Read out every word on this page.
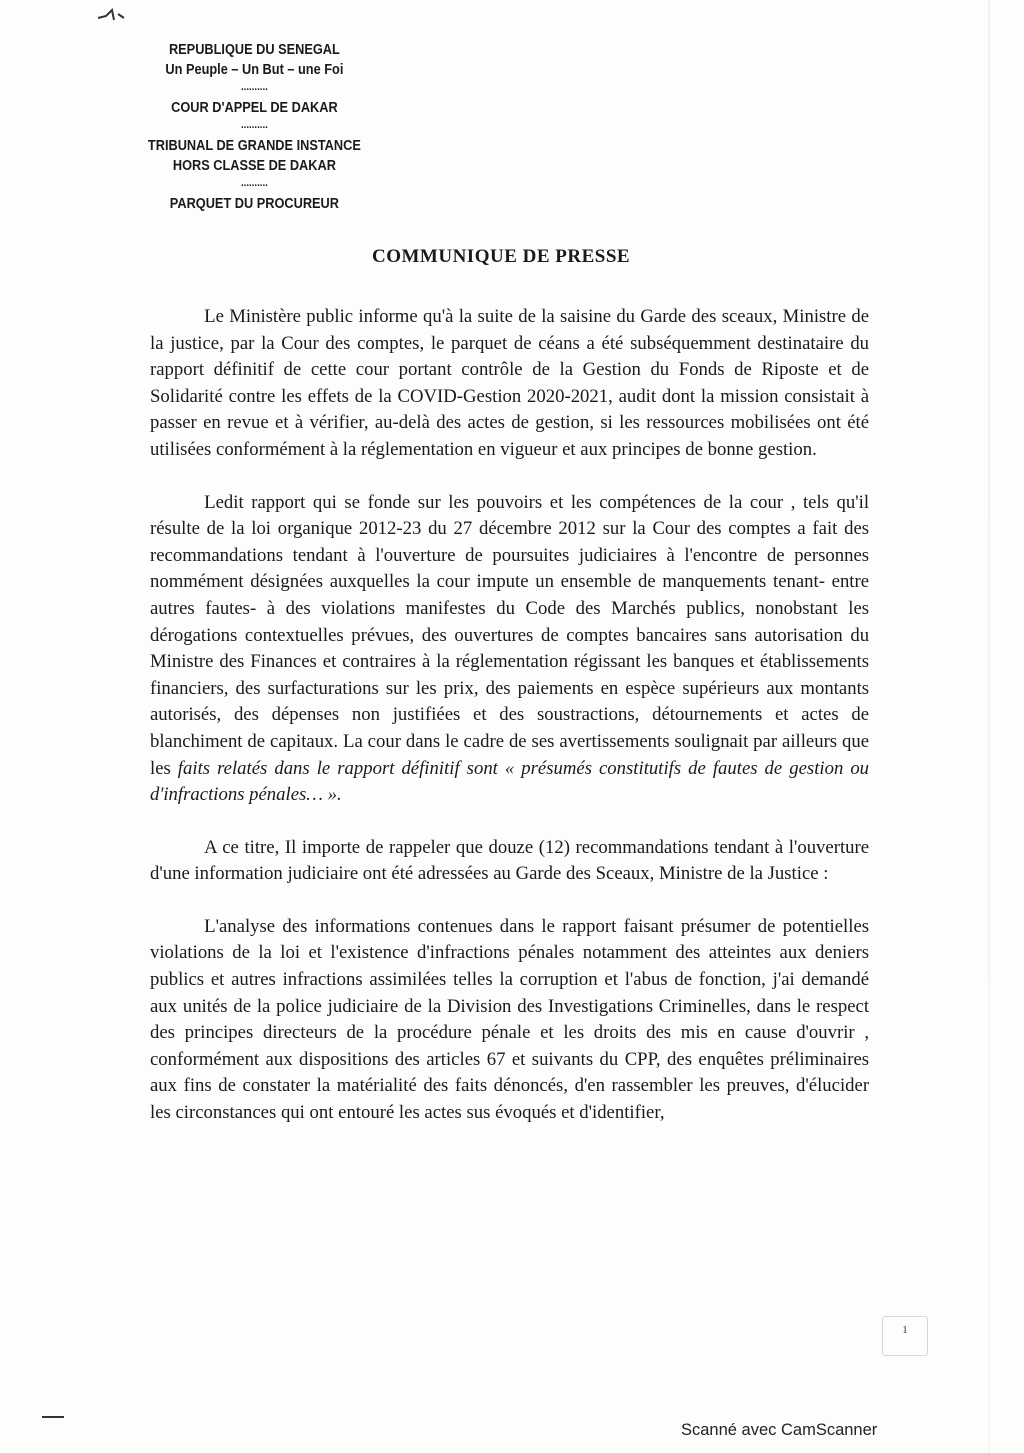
REPUBLIQUE DU SENEGAL
Un Peuple – Un But – une Foi
..........
COUR D'APPEL DE DAKAR
..........
TRIBUNAL DE GRANDE INSTANCE
HORS CLASSE DE DAKAR
..........
PARQUET DU PROCUREUR
COMMUNIQUE DE PRESSE

Le Ministère public informe qu'à la suite de la saisine du Garde des sceaux, Ministre de la justice, par la Cour des comptes, le parquet de céans a été subséquemment destinataire du rapport définitif de cette cour portant contrôle de la Gestion du Fonds de Riposte et de Solidarité contre les effets de la COVID-Gestion 2020-2021, audit dont la mission consistait à passer en revue et à vérifier, au-delà des actes de gestion, si les ressources mobilisées ont été utilisées conformément à la réglementation en vigueur et aux principes de bonne gestion.

Ledit rapport qui se fonde sur les pouvoirs et les compétences de la cour , tels qu'il résulte de la loi organique 2012-23 du 27 décembre 2012 sur la Cour des comptes a fait des recommandations tendant à l'ouverture de poursuites judiciaires à l'encontre de personnes nommément désignées auxquelles la cour impute un ensemble de manquements tenant- entre autres fautes- à des violations manifestes du Code des Marchés publics, nonobstant les dérogations contextuelles prévues, des ouvertures de comptes bancaires sans autorisation du Ministre des Finances et contraires à la réglementation régissant les banques et établissements financiers, des surfacturations sur les prix, des paiements en espèce supérieurs aux montants autorisés, des dépenses non justifiées et des soustractions, détournements et actes de blanchiment de capitaux. La cour dans le cadre de ses avertissements soulignait par ailleurs que les faits relatés dans le rapport définitif sont « présumés constitutifs de fautes de gestion ou d'infractions pénales… ».

A ce titre, Il importe de rappeler que douze (12) recommandations tendant à l'ouverture d'une information judiciaire ont été adressées au Garde des Sceaux, Ministre de la Justice :

L'analyse des informations contenues dans le rapport faisant présumer de potentielles violations de la loi et l'existence d'infractions pénales notamment des atteintes aux deniers publics et autres infractions assimilées telles la corruption et l'abus de fonction, j'ai demandé aux unités de la police judiciaire de la Division des Investigations Criminelles, dans le respect des principes directeurs de la procédure pénale et les droits des mis en cause d'ouvrir , conformément aux dispositions des articles 67 et suivants du CPP, des enquêtes préliminaires aux fins de constater la matérialité des faits dénoncés, d'en rassembler les preuves, d'élucider les circonstances qui ont entouré les actes sus évoqués et d'identifier,

1
Scanné avec CamScanner
